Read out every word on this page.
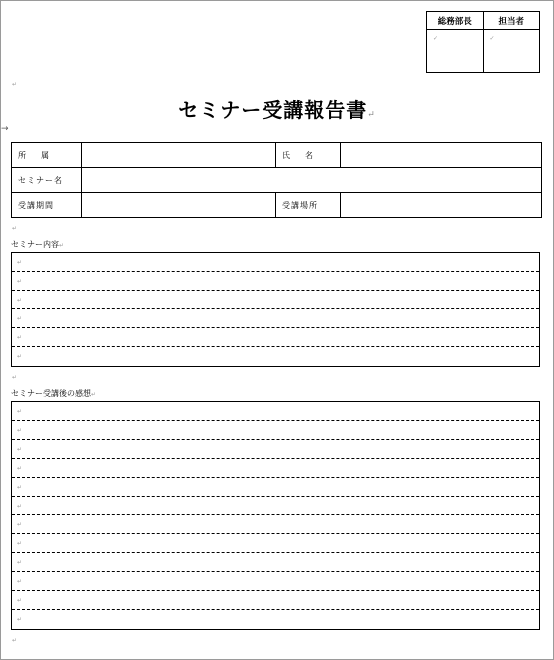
→
総務部長	担当者

✓	✓
↵
セミナー受講報告書↵
所属		氏名	
セミナー名			
受講期間		受講場所	
↵
セミナー内容↵
↵
↵
↵
↵
↵
↵
↵
セミナー受講後の感想↵
↵
↵
↵
↵
↵
↵
↵
↵
↵
↵
↵
↵
↵
